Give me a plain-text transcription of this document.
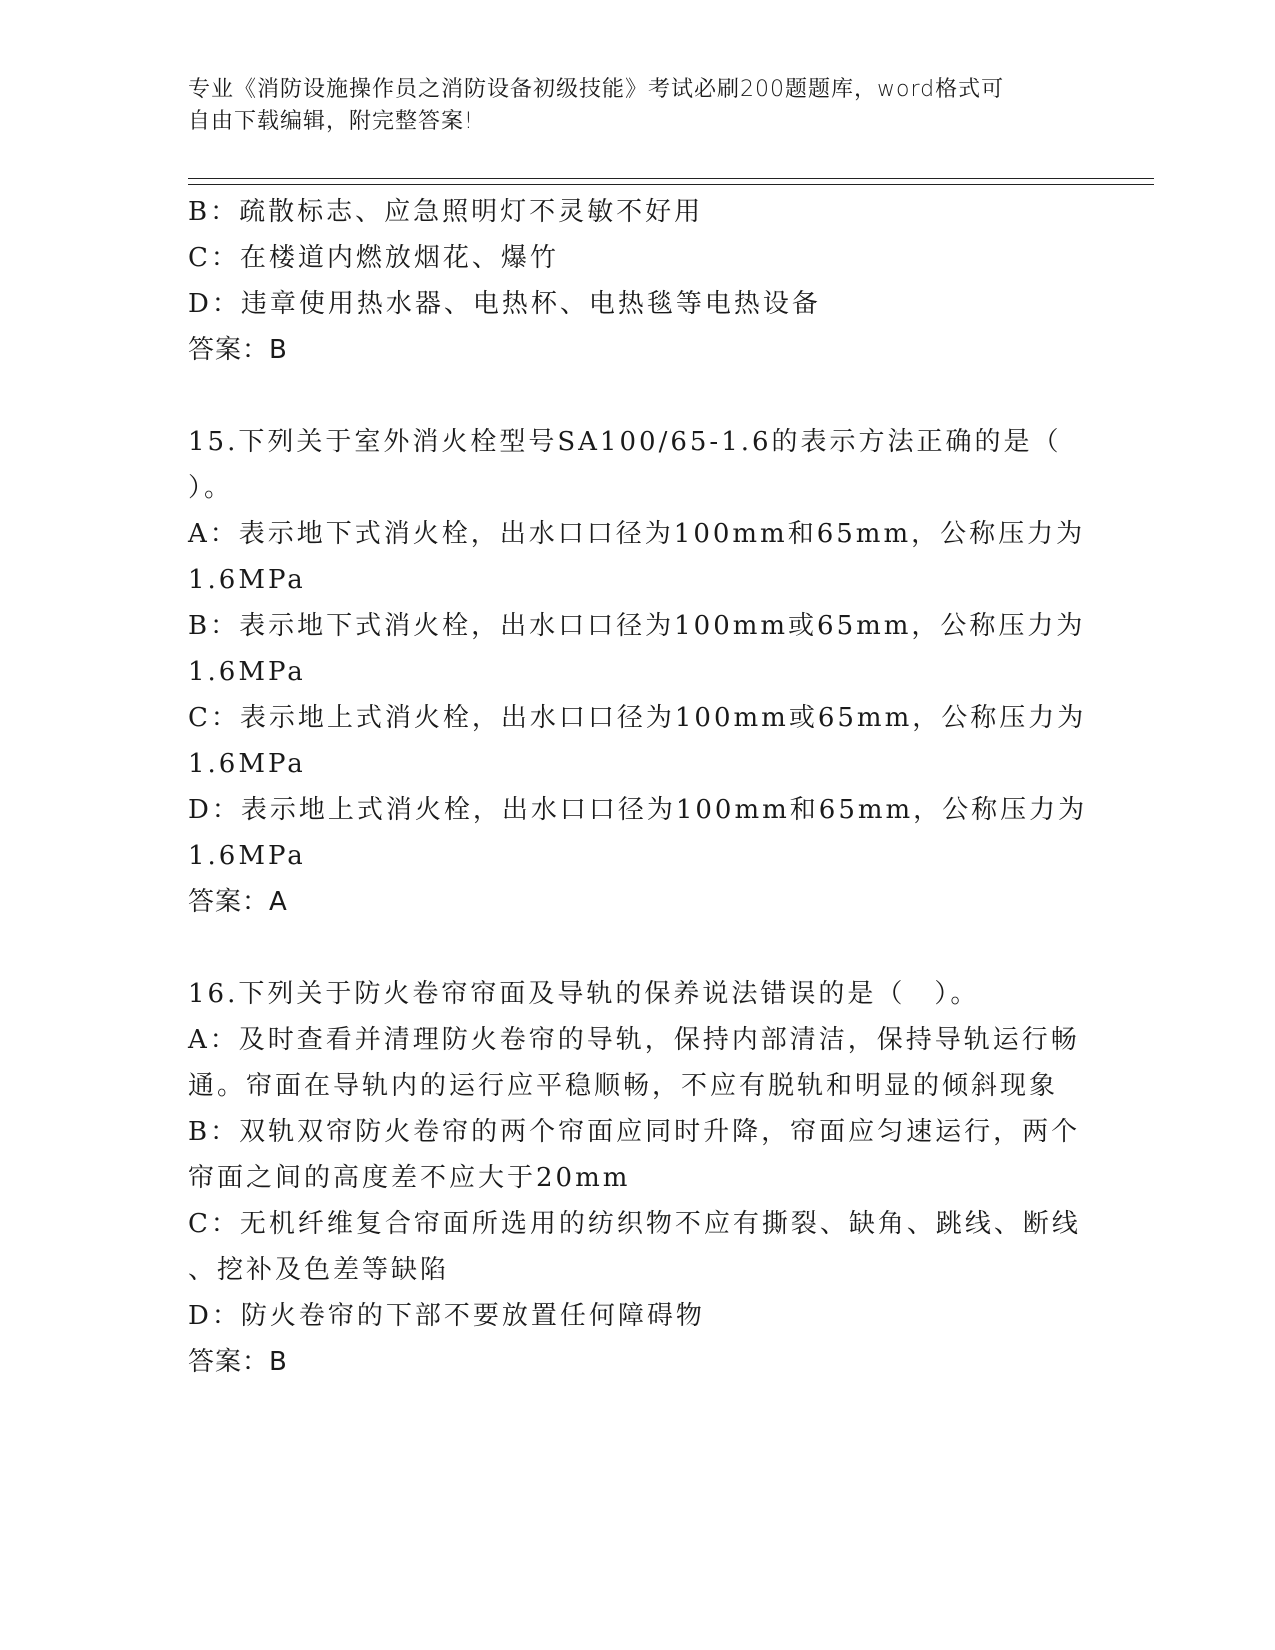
专业《消防设施操作员之消防设备初级技能》考试必刷200题题库，word格式可
自由下载编辑，附完整答案!
B：疏散标志、应急照明灯不灵敏不好用
C：在楼道内燃放烟花、爆竹
D：违章使用热水器、电热杯、电热毯等电热设备
答案：B
15.下列关于室外消火栓型号SA100/65-1.6的表示方法正确的是（
）。
A：表示地下式消火栓，出水口口径为100mm和65mm，公称压力为
1.6MPa
B：表示地下式消火栓，出水口口径为100mm或65mm，公称压力为
1.6MPa
C：表示地上式消火栓，出水口口径为100mm或65mm，公称压力为
1.6MPa
D：表示地上式消火栓，出水口口径为100mm和65mm，公称压力为
1.6MPa
答案：A
16.下列关于防火卷帘帘面及导轨的保养说法错误的是（　）。
A：及时查看并清理防火卷帘的导轨，保持内部清洁，保持导轨运行畅
通。帘面在导轨内的运行应平稳顺畅，不应有脱轨和明显的倾斜现象
B：双轨双帘防火卷帘的两个帘面应同时升降，帘面应匀速运行，两个
帘面之间的高度差不应大于20mm
C：无机纤维复合帘面所选用的纺织物不应有撕裂、缺角、跳线、断线
、挖补及色差等缺陷
D：防火卷帘的下部不要放置任何障碍物
答案：B
